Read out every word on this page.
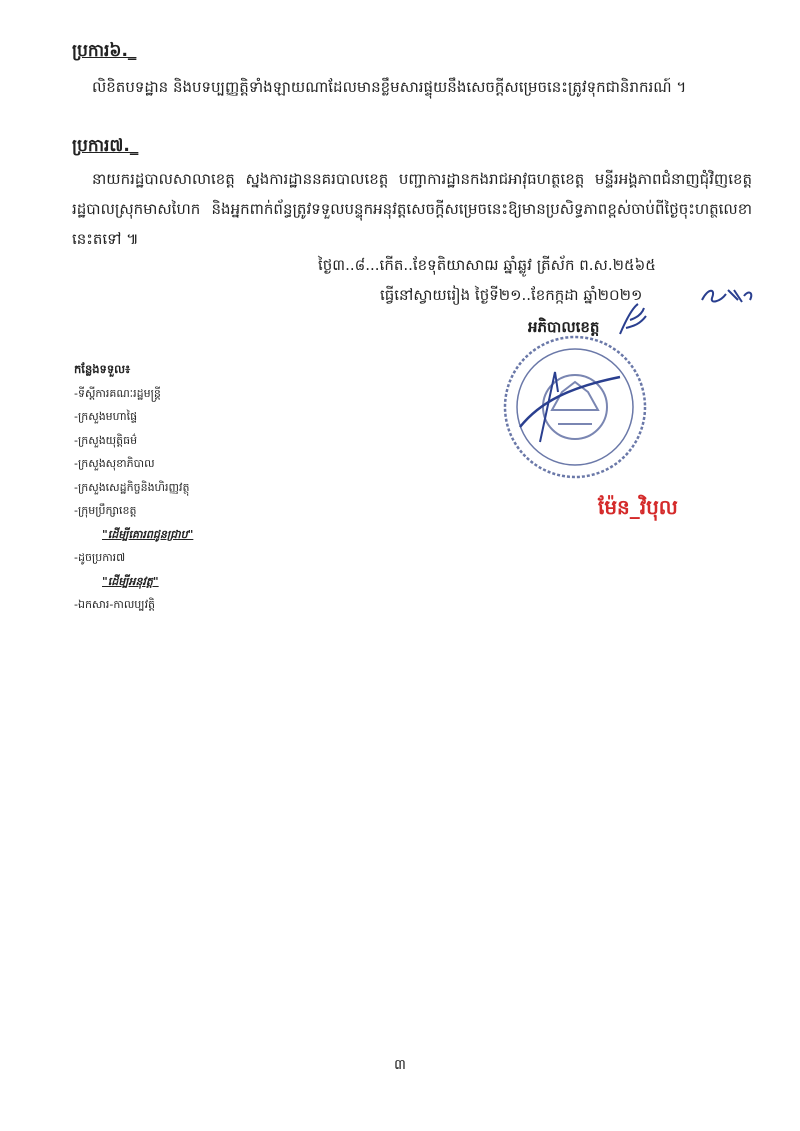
ប្រការ៦._
លិខិតបទដ្ឋាន និងបទប្បញ្ញត្តិទាំងឡាយណាដែលមានខ្លឹមសារផ្ទុយនឹងសេចក្តីសម្រេចនេះត្រូវទុកជានិរាករណ៍ ។
ប្រការ៧._
នាយករដ្ឋបាលសាលាខេត្ត ស្នងការដ្ឋាននគរបាលខេត្ត បញ្ជាការដ្ឋានកងរាជអាវុធហត្ថខេត្ត មន្ទីរអង្គភាពជំនាញជុំវិញខេត្ត រដ្ឋបាលស្រុកមាសហៃក និងអ្នកពាក់ព័ន្ធត្រូវទទួលបន្ទុកអនុវត្តសេចក្តីសម្រេចនេះឱ្យមានប្រសិទ្ធភាពខ្ពស់ចាប់ពីថ្ងៃចុះហត្ថលេខានេះតទៅ ៕
ថ្ងៃ៣..៨...កើត..ខែទុតិយាសាឍ ឆ្នាំឆ្លូវ ត្រីស័ក ព.ស.២៥៦៥
ធ្វើនៅស្វាយរៀង ថ្ងៃទី២១..ខែកក្កដា ឆ្នាំ២០២១
អភិបាលខេត្ត
ម៉ែន_វិបុល
កន្លែងទទួល៖
-ទីស្តីការគណៈរដ្ឋមន្ត្រី
-ក្រសួងមហាផ្ទៃ
-ក្រសួងយុត្តិធម៌
-ក្រសួងសុខាភិបាល
-ក្រសួងសេដ្ឋកិច្ចនិងហិរញ្ញវត្ថុ
-ក្រុមប្រឹក្សាខេត្ត
"ដើម្បីគោរពជូនជ្រាប"
-ដូចប្រការ៧
"ដើម្បីអនុវត្ត"
-ឯកសារ-កាលប្បវត្តិ
៣
